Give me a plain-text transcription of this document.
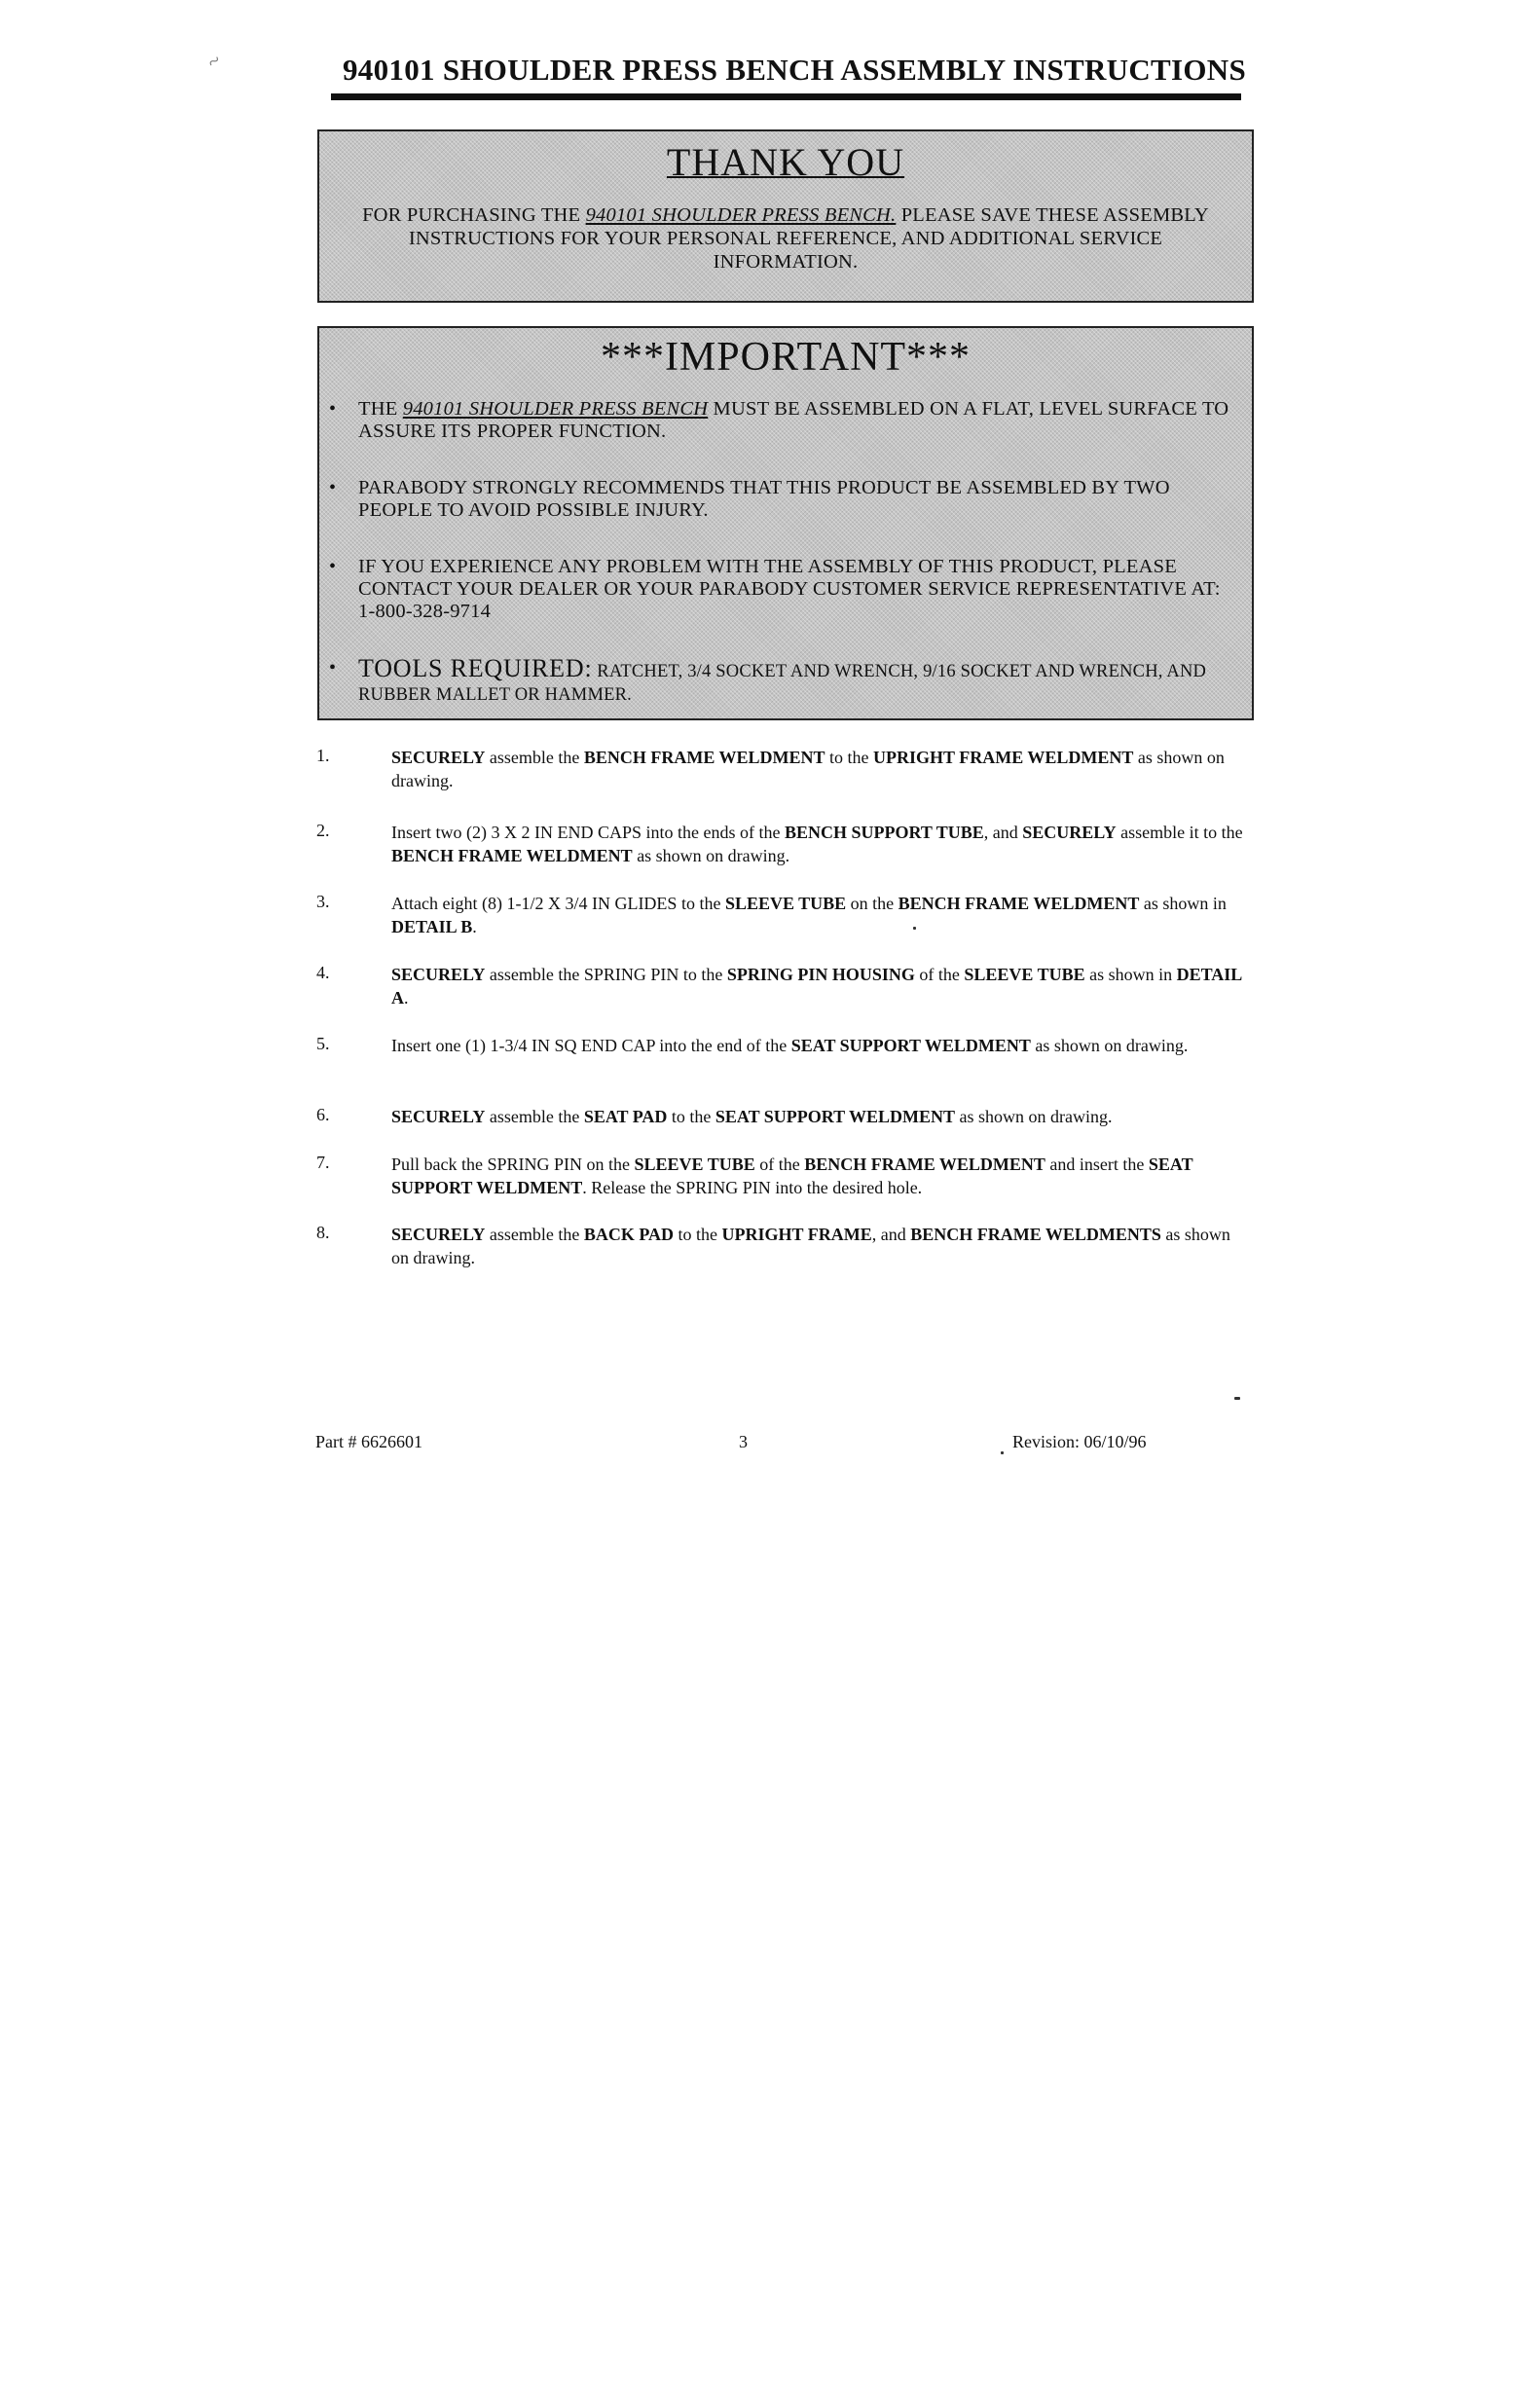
~	940101 SHOULDER PRESS BENCH ASSEMBLY INSTRUCTIONS
THANK YOU
FOR PURCHASING THE 940101 SHOULDER PRESS BENCH. PLEASE SAVE THESE ASSEMBLY INSTRUCTIONS FOR YOUR PERSONAL REFERENCE, AND ADDITIONAL SERVICE INFORMATION.
***IMPORTANT***
• THE 940101 SHOULDER PRESS BENCH MUST BE ASSEMBLED ON A FLAT, LEVEL SURFACE TO ASSURE ITS PROPER FUNCTION.
• PARABODY STRONGLY RECOMMENDS THAT THIS PRODUCT BE ASSEMBLED BY TWO PEOPLE TO AVOID POSSIBLE INJURY.
• IF YOU EXPERIENCE ANY PROBLEM WITH THE ASSEMBLY OF THIS PRODUCT, PLEASE CONTACT YOUR DEALER OR YOUR PARABODY CUSTOMER SERVICE REPRESENTATIVE AT: 1-800-328-9714
• TOOLS REQUIRED: RATCHET, 3/4 SOCKET AND WRENCH, 9/16 SOCKET AND WRENCH, AND RUBBER MALLET OR HAMMER.
1.	SECURELY assemble the BENCH FRAME WELDMENT to the UPRIGHT FRAME WELDMENT as shown on drawing.
2.	Insert two (2) 3 X 2 IN END CAPS into the ends of the BENCH SUPPORT TUBE, and SECURELY assemble it to the BENCH FRAME WELDMENT as shown on drawing.
3.	Attach eight (8) 1-1/2 X 3/4 IN GLIDES to the SLEEVE TUBE on the BENCH FRAME WELDMENT as shown in DETAIL B.
4.	SECURELY assemble the SPRING PIN to the SPRING PIN HOUSING of the SLEEVE TUBE as shown in DETAIL A.
5.	Insert one (1) 1-3/4 IN SQ END CAP into the end of the SEAT SUPPORT WELDMENT as shown on drawing.
6.	SECURELY assemble the SEAT PAD to the SEAT SUPPORT WELDMENT as shown on drawing.
7.	Pull back the SPRING PIN on the SLEEVE TUBE of the BENCH FRAME WELDMENT and insert the SEAT SUPPORT WELDMENT. Release the SPRING PIN into the desired hole.
8.	SECURELY assemble the BACK PAD to the UPRIGHT FRAME, and BENCH FRAME WELDMENTS as shown on drawing.
Part # 6626601	3	Revision: 06/10/96
